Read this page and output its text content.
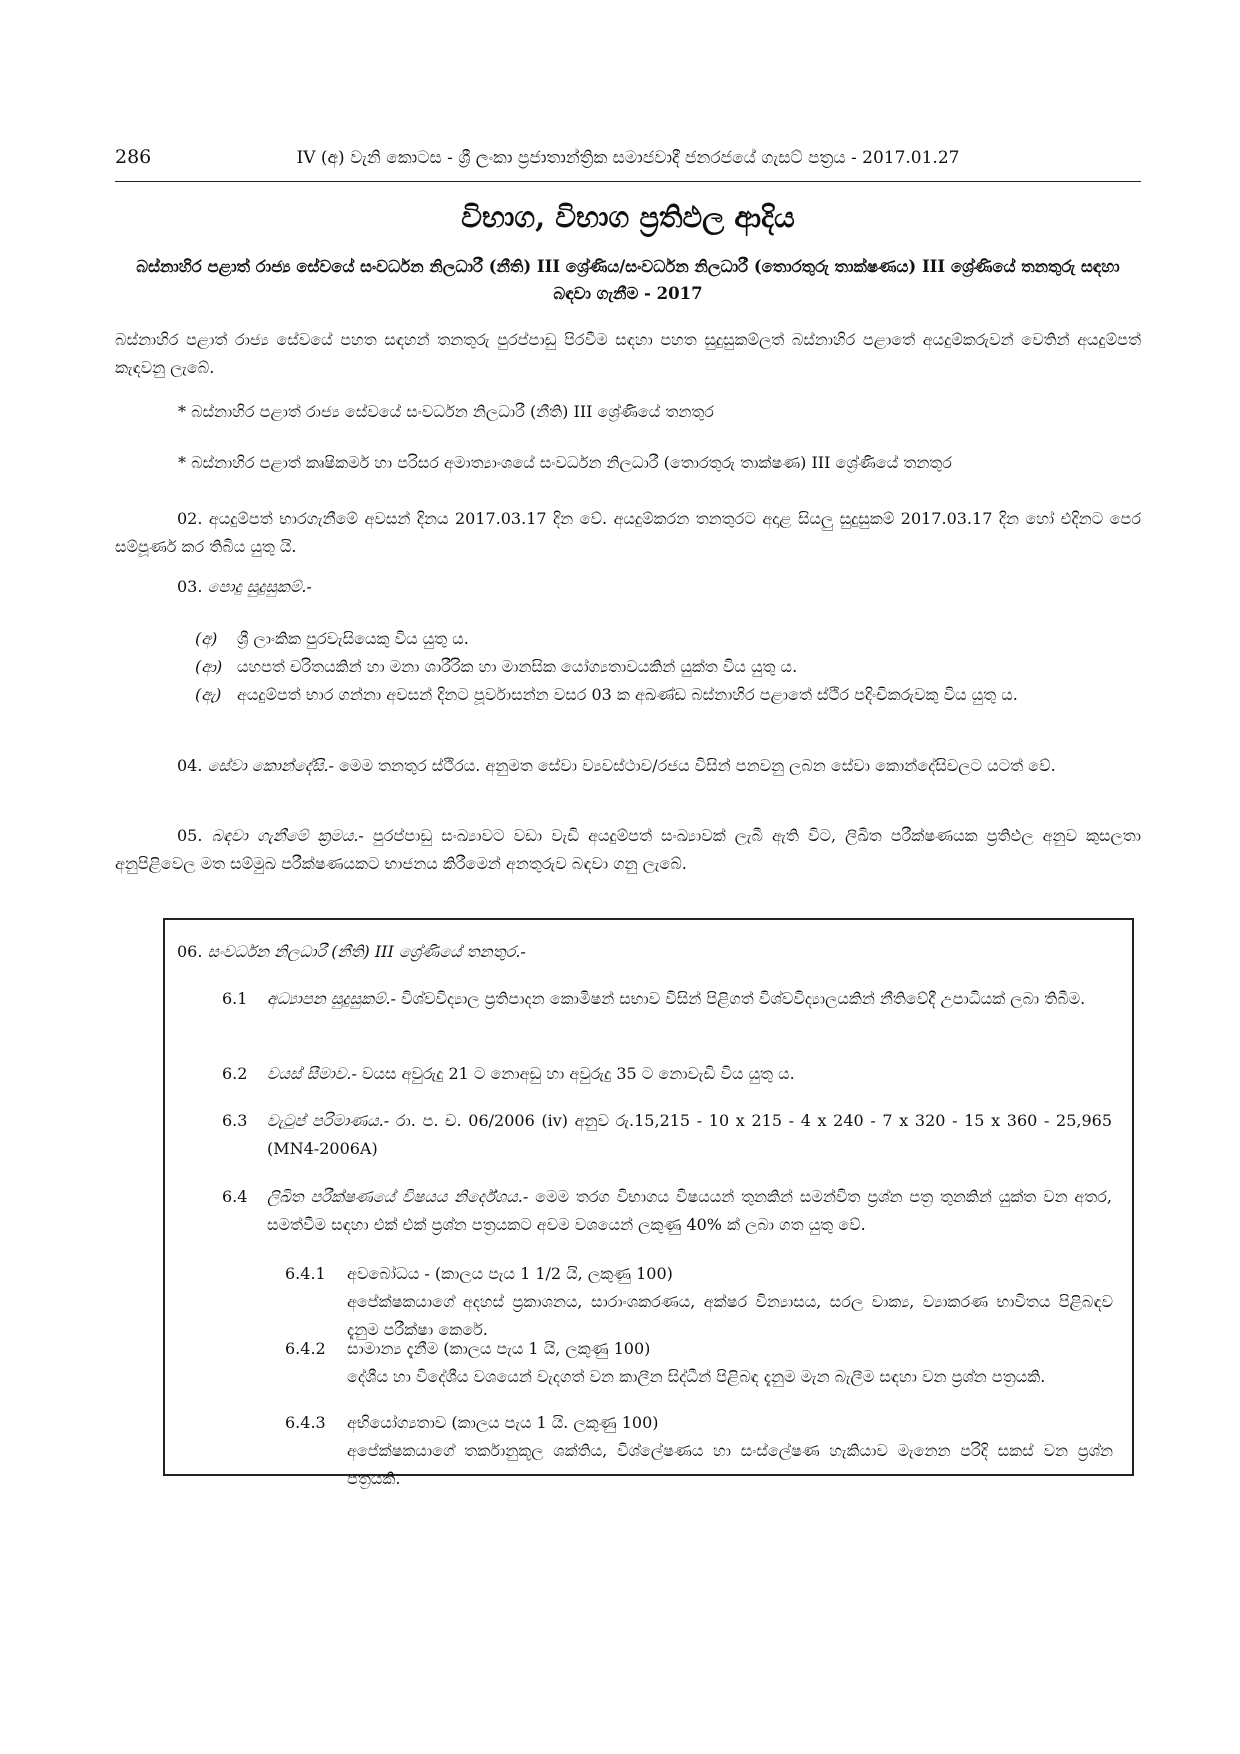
286	IV (අ) වැනි කොටස - ශ්‍රී ලංකා ප්‍රජාතාන්ත්‍රික සමාජවාදී ජනරජයේ ගැසට් පත්‍රය - 2017.01.27
විභාග, විභාග ප්‍රතිඵල ආදිය
බස්නාහිර පළාත් රාජ්‍ය සේවයේ සංවර්ධන නිලධාරී (නීති) III ශ්‍රේණිය/සංවර්ධන නිලධාරී (තොරතුරු තාක්ෂණය) III ශ්‍රේණියේ තනතුරු සඳහා බඳවා ගැනීම - 2017
බස්නාහිර පළාත් රාජ්‍ය සේවයේ පහත සඳහන් තනතුරු පුරප්පාඩු පිරවීම සඳහා පහත සුදුසුකම්ලත් බස්නාහිර පළාතේ අයදුම්කරුවන් වෙතින් අයදුම්පත් කැඳවනු ලැබේ.
* බස්නාහිර පළාත් රාජ්‍ය සේවයේ සංවර්ධන නිලධාරී (නීති) III ශ්‍රේණියේ තනතුර
* බස්නාහිර පළාත් කෘෂිකර්ම හා පරිසර අමාත්‍යාංශයේ සංවර්ධන නිලධාරී (තොරතුරු තාක්ෂණ) III ශ්‍රේණියේ තනතුර
02. අයදුම්පත් භාරගැනීමේ අවසන් දිනය 2017.03.17 දින වේ. අයදුම්කරන තනතුරට අදාළ සියලු සුදුසුකම් 2017.03.17 දින හෝ එදිනට පෙර සම්පූර්ණ කර තිබිය යුතු යි.
03. පොදු සුදුසුකම්.-
(අ)	ශ්‍රී ලාංකික පුරවැසියෙකු විය යුතු ය.
(ආ) යහපත් චරිතයකින් හා මනා ශාරීරික හා මානසික යෝග්‍යතාවයකින් යුක්ත විය යුතු ය.
(ඇ) අයදුම්පත් භාර ගන්නා අවසන් දිනට පූර්වාසන්න වසර 03 ක අඛණ්ඩ බස්නාහිර පළාතේ ස්ථිර පදිංචිකරුවකු විය යුතු ය.
04. සේවා කොන්දේසි.- මෙම තනතුර ස්ථිරය. අනුමත සේවා ව්‍යවස්ථාව/රජය විසින් පනවනු ලබන සේවා කොන්දේසිවලට යටත් වේ.
05. බඳවා ගැනීමේ ක්‍රමය.- පුරප්පාඩු සංඛ්‍යාවට වඩා වැඩි අයදුම්පත් සංඛ්‍යාවක් ලැබී ඇති විට, ලිඛිත පරීක්ෂණයක ප්‍රතිඵල අනුව කුසලතා අනුපිළිවෙල මත සම්මුඛ පරීක්ෂණයකට භාජනය කිරීමෙන් අනතුරුව බඳවා ගනු ලැබේ.
06. සංවර්ධන නිලධාරී (නීති) III ශ්‍රේණියේ තනතුර.-
6.1 අධ්‍යාපන සුදුසුකම්.- විශ්වවිද්‍යාල ප්‍රතිපාදන කොමිෂන් සභාව විසින් පිළිගත් විශ්වවිද්‍යාලයකින් නීතිවේදී උපාධියක් ලබා තිබීම.
6.2 වයස් සීමාව.- වයස අවුරුදු 21 ට නොඅඩු හා අවුරුදු 35 ට නොවැඩි විය යුතු ය.
6.3 වැටුප් පරිමාණය.- රා. ප. ච. 06/2006 (iv) අනුව රු.15,215 - 10 x 215 - 4 x 240 - 7 x 320 - 15 x 360 - 25,965 (MN4-2006A)
6.4 ලිඛිත පරීක්ෂණයේ විෂයය නිර්දේශය.- මෙම තරග විභාගය විෂයයන් තුනකින් සමන්විත ප්‍රශ්න පත්‍ර තුනකින් යුක්ත වන අතර, සමත්වීම සඳහා එක් එක් ප්‍රශ්න පත්‍රයකට අවම වශයෙන් ලකුණු 40% ක් ලබා ගත යුතු වේ.
6.4.1 අවබෝධය - (කාලය පැය 1 1/2 යි, ලකුණු 100)
අපේක්ෂකයාගේ අදහස් ප්‍රකාශනය, සාරාංශකරණය, අක්ෂර වින්‍යාසය, සරල වාක්‍ය, ව්‍යාකරණ භාවිතය පිළිබඳව දැනුම පරීක්ෂා කෙරේ.
6.4.2 සාමාන්‍ය දැනීම (කාලය පැය 1 යි, ලකුණු 100)
දේශීය හා විදේශීය වශයෙන් වැදගත් වන කාලීන සිද්ධීන් පිළිබඳ දැනුම මැන බැලීම සඳහා වන ප්‍රශ්න පත්‍රයකි.
6.4.3 අභියෝග්‍යතාව (කාලය පැය 1 යි. ලකුණු 100)
අපේක්ෂකයාගේ තර්කානුකූල ශක්තිය, විශ්ලේෂණය හා සංස්ලේෂණ හැකියාව මැනෙන පරිදි සකස් වන ප්‍රශ්න පත්‍රයකි.
